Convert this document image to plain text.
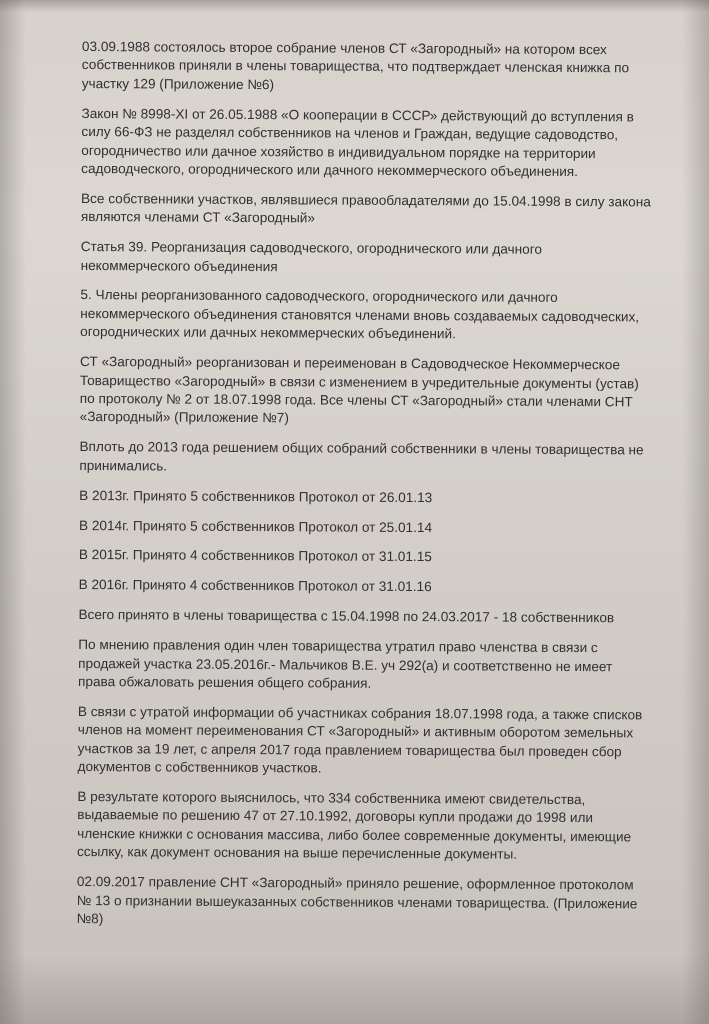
03.09.1988 состоялось второе собрание членов СТ «Загородный» на котором всех собственников приняли в члены товарищества, что подтверждает членская книжка по участку 129 (Приложение №6)

Закон № 8998-XI от 26.05.1988 «О кооперации в СССР» действующий до вступления в силу 66-ФЗ не разделял собственников на членов и Граждан, ведущие садоводство, огородничество или дачное хозяйство в индивидуальном порядке на территории садоводческого, огороднического или дачного некоммерческого объединения.

Все собственники участков, являвшиеся правообладателями до 15.04.1998 в силу закона являются членами СТ «Загородный»

Статья 39. Реорганизация садоводческого, огороднического или дачного некоммерческого объединения

5. Члены реорганизованного садоводческого, огороднического или дачного некоммерческого объединения становятся членами вновь создаваемых садоводческих, огороднических или дачных некоммерческих объединений.

СТ «Загородный» реорганизован и переименован в Садоводческое Некоммерческое Товарищество «Загородный» в связи с изменением в учредительные документы (устав) по протоколу № 2 от 18.07.1998 года. Все члены СТ «Загородный» стали членами СНТ «Загородный» (Приложение №7)

Вплоть до 2013 года решением общих собраний собственники в члены товарищества не принимались.

В 2013г. Принято 5 собственников Протокол от 26.01.13

В 2014г. Принято 5 собственников Протокол от 25.01.14

В 2015г. Принято 4 собственников Протокол от 31.01.15

В 2016г. Принято 4 собственников Протокол от 31.01.16

Всего принято в члены товарищества с 15.04.1998 по 24.03.2017 - 18 собственников

По мнению правления один член товарищества утратил право членства в связи с продажей участка 23.05.2016г.- Мальчиков В.Е. уч 292(а) и соответственно не имеет права обжаловать решения общего собрания.

В связи с утратой информации об участниках собрания 18.07.1998 года, а также списков членов на момент переименования СТ «Загородный» и активным оборотом земельных участков за 19 лет, с апреля 2017 года правлением товарищества был проведен сбор документов с собственников участков.

В результате которого выяснилось, что 334 собственника имеют свидетельства, выдаваемые по решению 47 от 27.10.1992, договоры купли продажи до 1998 или членские книжки с основания массива, либо более современные документы, имеющие ссылку, как документ основания на выше перечисленные документы.

02.09.2017 правление СНТ «Загородный» приняло решение, оформленное протоколом № 13 о признании вышеуказанных собственников членами товарищества. (Приложение №8)
